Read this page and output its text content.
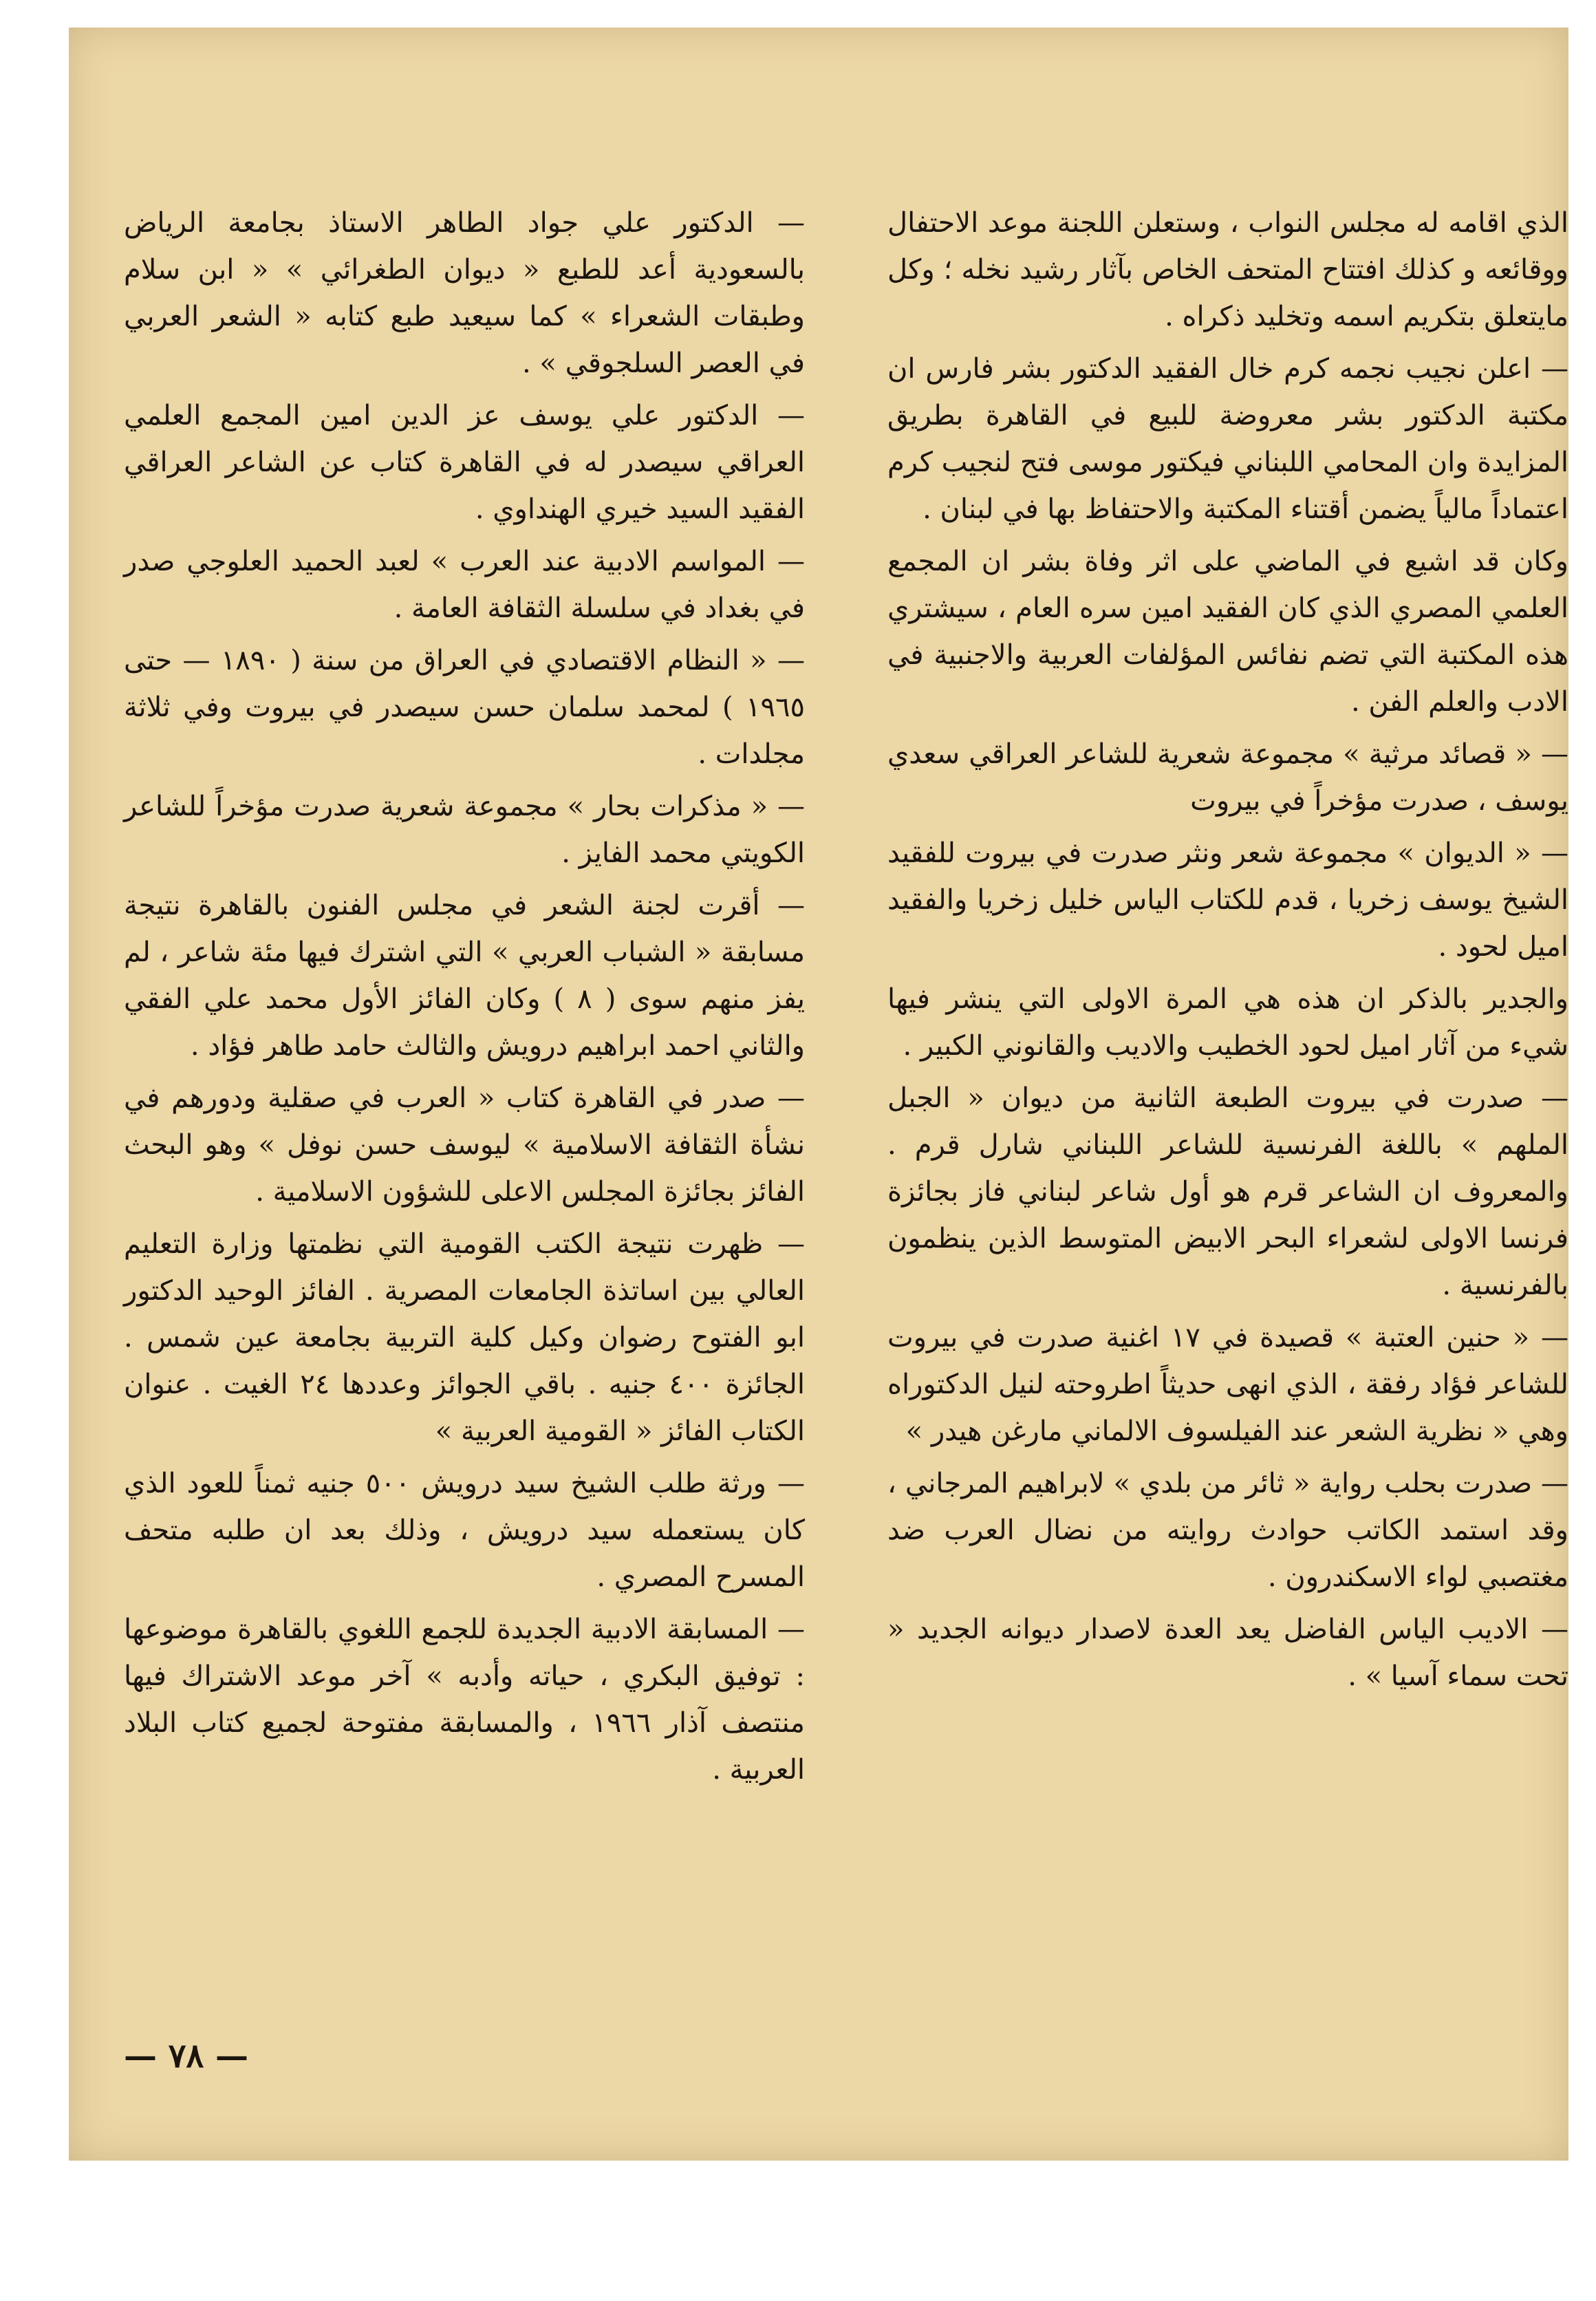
الذي اقامه له مجلس النواب ، وستعلن اللجنة موعد الاحتفال ووقائعه و كذلك افتتاح المتحف الخاص بآثار رشيد نخله ؛ وكل مايتعلق بتكريم اسمه وتخليد ذكراه .

— اعلن نجيب نجمه كرم خال الفقيد الدكتور بشر فارس ان مكتبة الدكتور بشر معروضة للبيع في القاهرة بطريق المزايدة وان المحامي اللبناني فيكتور موسى فتح لنجيب كرم اعتماداً مالياً يضمن أقتناء المكتبة والاحتفاظ بها في لبنان .

وكان قد اشيع في الماضي على اثر وفاة بشر ان المجمع العلمي المصري الذي كان الفقيد امين سره العام ، سيشتري هذه المكتبة التي تضم نفائس المؤلفات العربية والاجنبية في الادب والعلم الفن .

— « قصائد مرثية » مجموعة شعرية للشاعر العراقي سعدي يوسف ، صدرت مؤخراً في بيروت

— « الديوان » مجموعة شعر ونثر صدرت في بيروت للفقيد الشيخ يوسف زخريا ، قدم للكتاب الياس خليل زخريا والفقيد اميل لحود .

والجدير بالذكر ان هذه هي المرة الاولى التي ينشر فيها شيء من آثار اميل لحود الخطيب والاديب والقانوني الكبير .

— صدرت في بيروت الطبعة الثانية من ديوان « الجبل الملهم » باللغة الفرنسية للشاعر اللبناني شارل قرم . والمعروف ان الشاعر قرم هو أول شاعر لبناني فاز بجائزة فرنسا الاولى لشعراء البحر الابيض المتوسط الذين ينظمون بالفرنسية .

— « حنين العتبة » قصيدة في ١٧ اغنية صدرت في بيروت للشاعر فؤاد رفقة ، الذي انهى حديثاً اطروحته لنيل الدكتوراه وهي « نظرية الشعر عند الفيلسوف الالماني مارغن هيدر »

— صدرت بحلب رواية « ثائر من بلدي » لابراهيم المرجاني ، وقد استمد الكاتب حوادث روايته من نضال العرب ضد مغتصبي لواء الاسكندرون .

— الاديب الياس الفاضل يعد العدة لاصدار ديوانه الجديد « تحت سماء آسيا » .

— الدكتور علي جواد الطاهر الاستاذ بجامعة الرياض بالسعودية أعد للطبع « ديوان الطغرائي » « ابن سلام وطبقات الشعراء » كما سيعيد طبع كتابه « الشعر العربي في العصر السلجوقي » .

— الدكتور علي يوسف عز الدين امين المجمع العلمي العراقي سيصدر له في القاهرة كتاب عن الشاعر العراقي الفقيد السيد خيري الهنداوي .

— المواسم الادبية عند العرب » لعبد الحميد العلوجي صدر في بغداد في سلسلة الثقافة العامة .

— « النظام الاقتصادي في العراق من سنة ( ١٨٩٠ — حتى ١٩٦٥ ) لمحمد سلمان حسن سيصدر في بيروت وفي ثلاثة مجلدات .

— « مذكرات بحار » مجموعة شعرية صدرت مؤخراً للشاعر الكويتي محمد الفايز .

— أقرت لجنة الشعر في مجلس الفنون بالقاهرة نتيجة مسابقة « الشباب العربي » التي اشترك فيها مئة شاعر ، لم يفز منهم سوى ( ٨ ) وكان الفائز الأول محمد علي الفقي والثاني احمد ابراهيم درويش والثالث حامد طاهر فؤاد .

— صدر في القاهرة كتاب « العرب في صقلية ودورهم في نشأة الثقافة الاسلامية » ليوسف حسن نوفل » وهو البحث الفائز بجائزة المجلس الاعلى للشؤون الاسلامية .

— ظهرت نتيجة الكتب القومية التي نظمتها وزارة التعليم العالي بين اساتذة الجامعات المصرية . الفائز الوحيد الدكتور ابو الفتوح رضوان وكيل كلية التربية بجامعة عين شمس . الجائزة ٤٠٠ جنيه . باقي الجوائز وعددها ٢٤ الغيت . عنوان الكتاب الفائز « القومية العربية »

— ورثة طلب الشيخ سيد درويش ٥٠٠ جنيه ثمناً للعود الذي كان يستعمله سيد درويش ، وذلك بعد ان طلبه متحف المسرح المصري .

— المسابقة الادبية الجديدة للجمع اللغوي بالقاهرة موضوعها : توفيق البكري ، حياته وأدبه » آخر موعد الاشتراك فيها منتصف آذار ١٩٦٦ ، والمسابقة مفتوحة لجميع كتاب البلاد العربية .

— ٧٨ —
